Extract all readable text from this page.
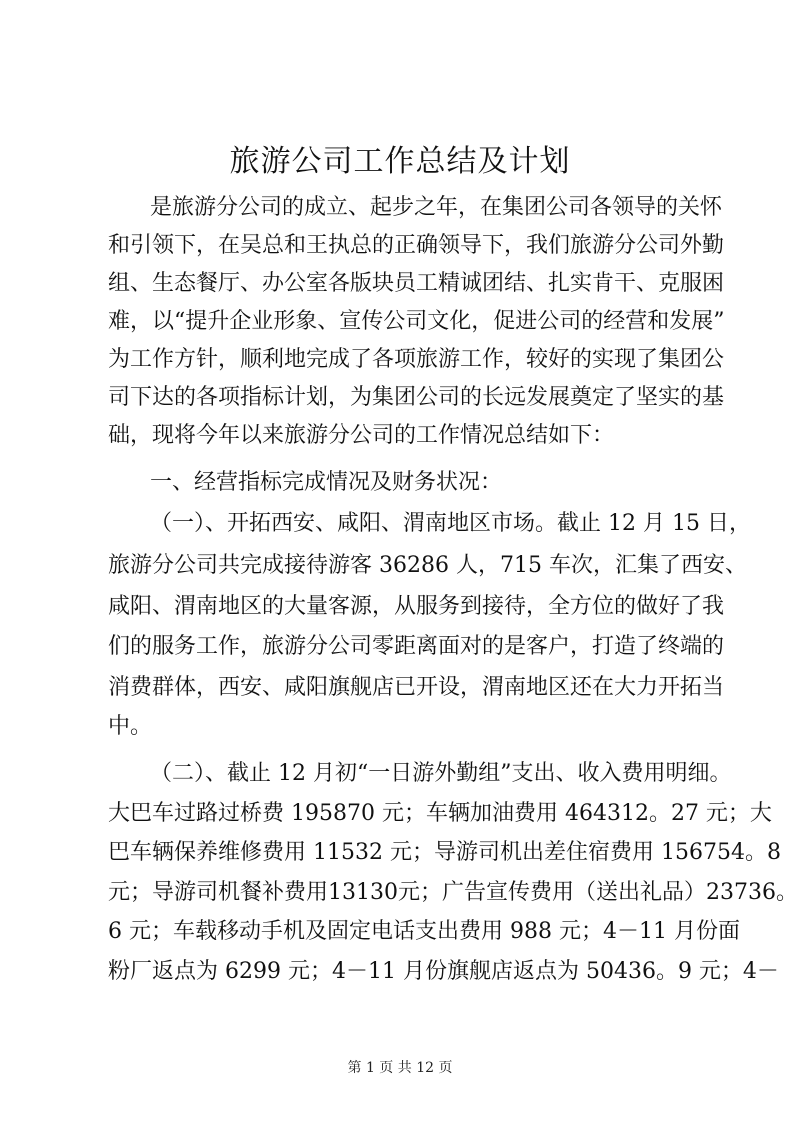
旅游公司工作总结及计划

是旅游分公司的成立、起步之年，在集团公司各领导的关怀

和引领下，在吴总和王执总的正确领导下，我们旅游分公司外勤

组、生态餐厅、办公室各版块员工精诚团结、扎实肯干、克服困

难，以“提升企业形象、宣传公司文化，促进公司的经营和发展”

为工作方针，顺利地完成了各项旅游工作，较好的实现了集团公

司下达的各项指标计划，为集团公司的长远发展奠定了坚实的基

础，现将今年以来旅游分公司的工作情况总结如下：

一、经营指标完成情况及财务状况：

（一）、开拓西安、咸阳、渭南地区市场。截止 12 月 15 日，

旅游分公司共完成接待游客 36286 人，715 车次，汇集了西安、

咸阳、渭南地区的大量客源，从服务到接待，全方位的做好了我

们的服务工作，旅游分公司零距离面对的是客户，打造了终端的

消费群体，西安、咸阳旗舰店已开设，渭南地区还在大力开拓当

中。

（二）、截止 12 月初“一日游外勤组”支出、收入费用明细。

大巴车过路过桥费 195870 元；车辆加油费用 464312。27 元；大

巴车辆保养维修费用 11532 元；导游司机出差住宿费用 156754。8

元；导游司机餐补费用13130元；广告宣传费用（送出礼品）23736。

6 元；车载移动手机及固定电话支出费用 988 元；4－11 月份面

粉厂返点为 6299 元；4－11 月份旗舰店返点为 50436。9 元；4－

第 1 页 共 12 页
